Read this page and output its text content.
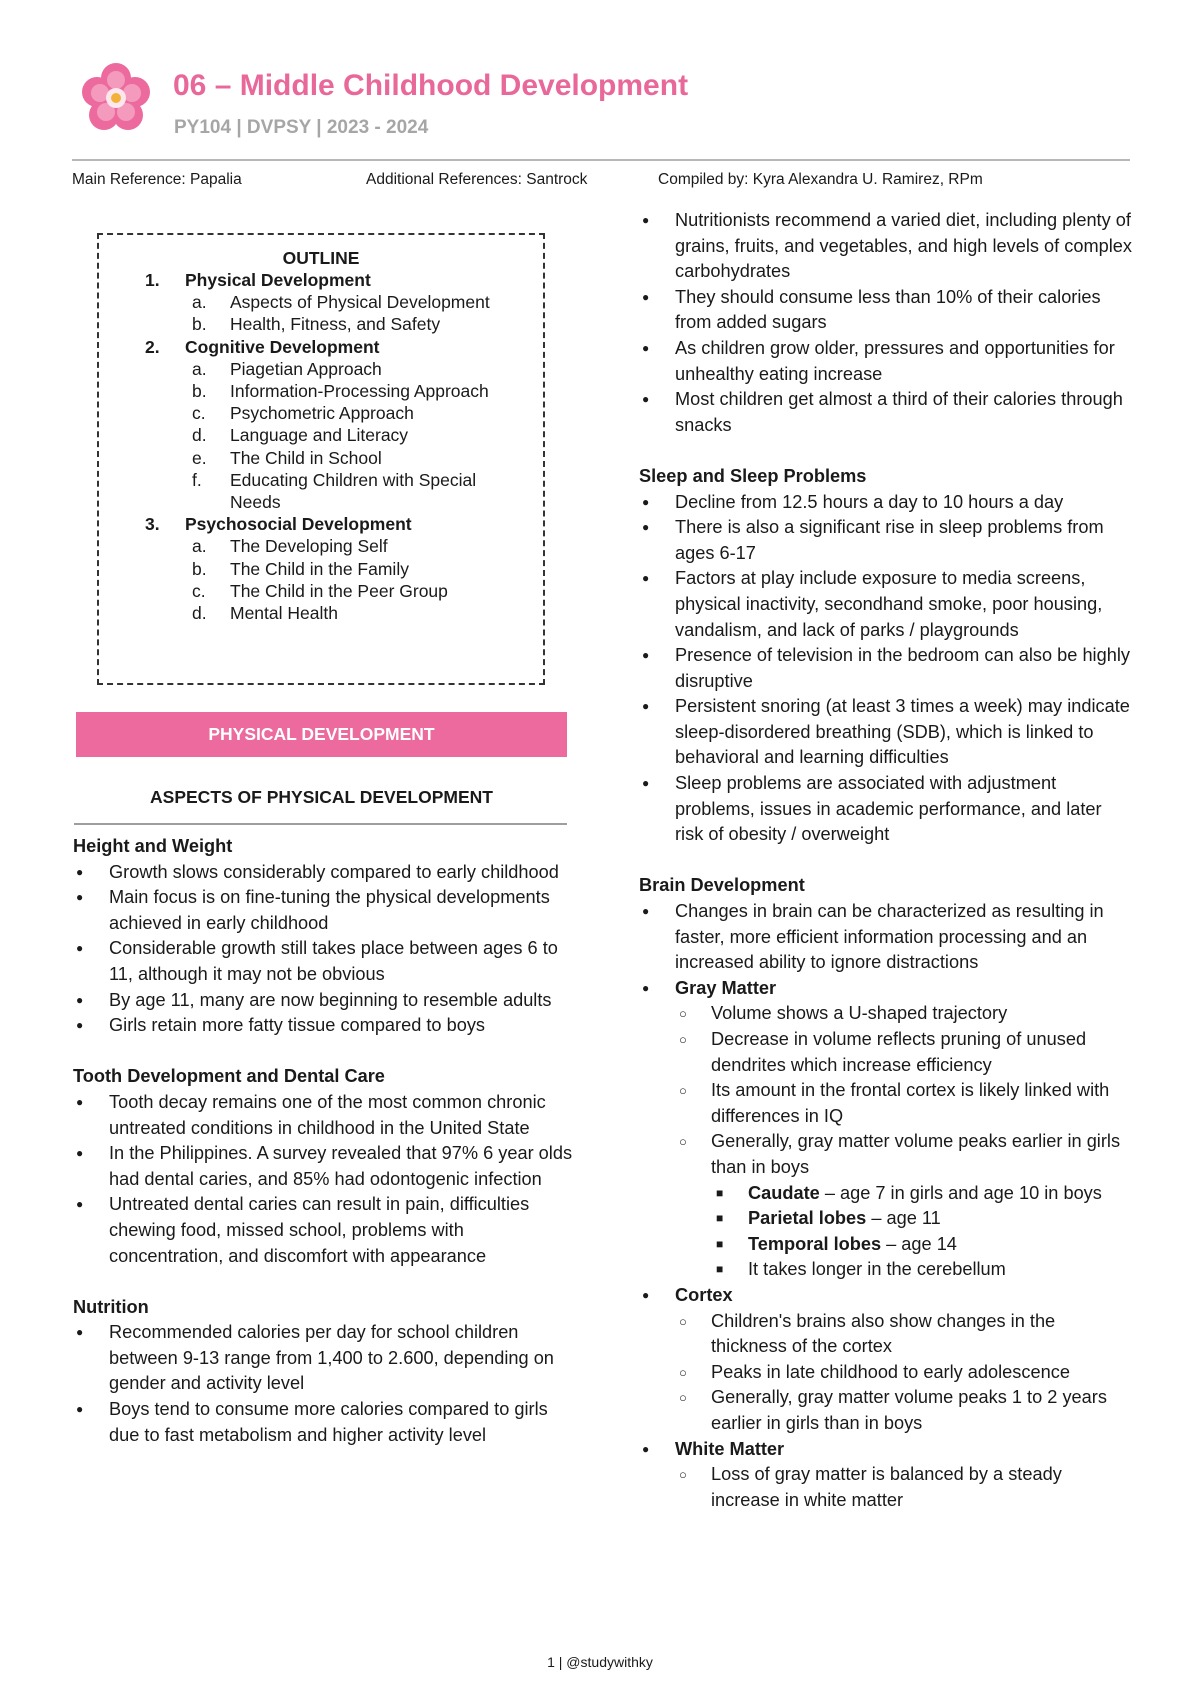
06 – Middle Childhood Development
PY104 | DVPSY | 2023 - 2024
Main Reference: Papalia	Additional References: Santrock	Compiled by: Kyra Alexandra U. Ramirez, RPm
OUTLINE
1.	Physical Development
a.	Aspects of Physical Development
b.	Health, Fitness, and Safety
2.	Cognitive Development
a.	Piagetian Approach
b.	Information-Processing Approach
c.	Psychometric Approach
d.	Language and Literacy
e.	The Child in School
f.	Educating Children with Special Needs
3.	Psychosocial Development
a.	The Developing Self
b.	The Child in the Family
c.	The Child in the Peer Group
d.	Mental Health
PHYSICAL DEVELOPMENT
ASPECTS OF PHYSICAL DEVELOPMENT
Height and Weight
● Growth slows considerably compared to early childhood
● Main focus is on fine-tuning the physical developments achieved in early childhood
● Considerable growth still takes place between ages 6 to 11, although it may not be obvious
● By age 11, many are now beginning to resemble adults
● Girls retain more fatty tissue compared to boys
Tooth Development and Dental Care
● Tooth decay remains one of the most common chronic untreated conditions in childhood in the United State
● In the Philippines. A survey revealed that 97% 6 year olds had dental caries, and 85% had odontogenic infection
● Untreated dental caries can result in pain, difficulties chewing food, missed school, problems with concentration, and discomfort with appearance
Nutrition
● Recommended calories per day for school children between 9-13 range from 1,400 to 2.600, depending on gender and activity level
● Boys tend to consume more calories compared to girls due to fast metabolism and higher activity level
● Nutritionists recommend a varied diet, including plenty of grains, fruits, and vegetables, and high levels of complex carbohydrates
● They should consume less than 10% of their calories from added sugars
● As children grow older, pressures and opportunities for unhealthy eating increase
● Most children get almost a third of their calories through snacks
Sleep and Sleep Problems
● Decline from 12.5 hours a day to 10 hours a day
● There is also a significant rise in sleep problems from ages 6-17
● Factors at play include exposure to media screens, physical inactivity, secondhand smoke, poor housing, vandalism, and lack of parks / playgrounds
● Presence of television in the bedroom can also be highly disruptive
● Persistent snoring (at least 3 times a week) may indicate sleep-disordered breathing (SDB), which is linked to behavioral and learning difficulties
● Sleep problems are associated with adjustment problems, issues in academic performance, and later risk of obesity / overweight
Brain Development
● Changes in brain can be characterized as resulting in faster, more efficient information processing and an increased ability to ignore distractions
● Gray Matter
○ Volume shows a U-shaped trajectory
○ Decrease in volume reflects pruning of unused dendrites which increase efficiency
○ Its amount in the frontal cortex is likely linked with differences in IQ
○ Generally, gray matter volume peaks earlier in girls than in boys
■ Caudate – age 7 in girls and age 10 in boys
■ Parietal lobes – age 11
■ Temporal lobes – age 14
■ It takes longer in the cerebellum
● Cortex
○ Children's brains also show changes in the thickness of the cortex
○ Peaks in late childhood to early adolescence
○ Generally, gray matter volume peaks 1 to 2 years earlier in girls than in boys
● White Matter
○ Loss of gray matter is balanced by a steady increase in white matter
1 | @studywithky
